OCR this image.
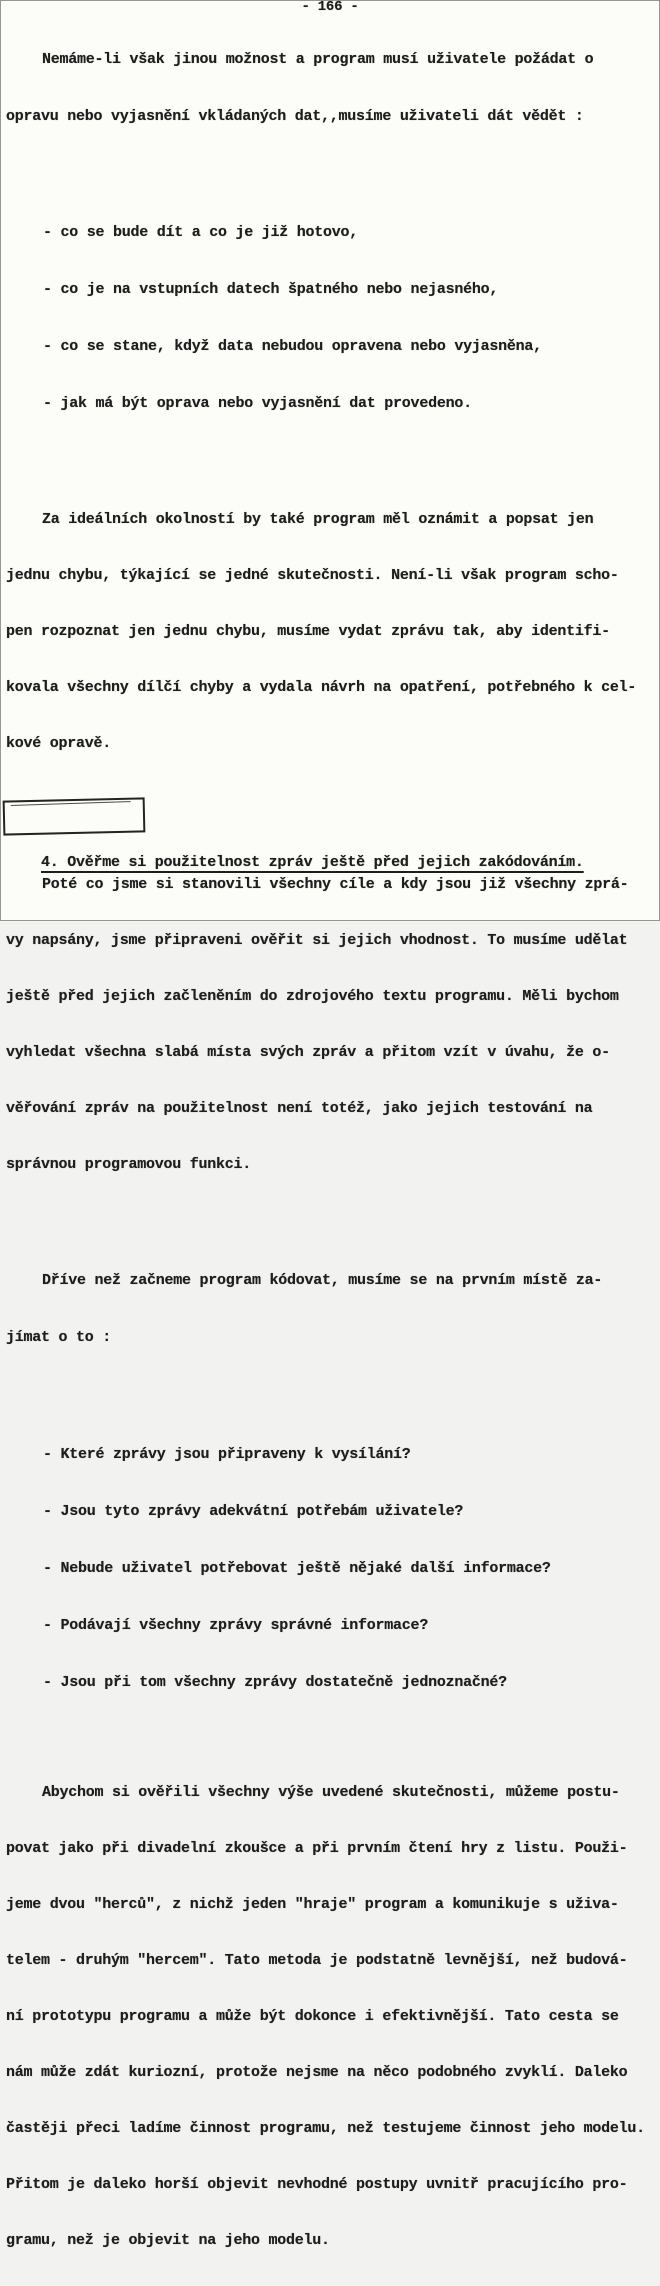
- 166 -

Nemáme-li však jinou možnost a program musí uživatele požádat o

opravu nebo vyjasnění vkládaných dat,,musíme uživateli dát vědět :

- co se bude dít a co je již hotovo,

- co je na vstupních datech špatného nebo nejasného,

- co se stane, když data nebudou opravena nebo vyjasněna,

- jak má být oprava nebo vyjasnění dat provedeno.

Za ideálních okolností by také program měl oznámit a popsat jen

jednu chybu, týkající se jedné skutečnosti. Není-li však program scho-

pen rozpoznat jen jednu chybu, musíme vydat zprávu tak, aby identifi-

kovala všechny dílčí chyby a vydala návrh na opatření, potřebného k cel-

kové opravě.

4. Ověřme si použitelnost zpráv ještě před jejich zakódováním.

Poté co jsme si stanovili všechny cíle a kdy jsou již všechny zprá-

vy napsány, jsme připraveni ověřit si jejich vhodnost. To musíme udělat

ještě před jejich začleněním do zdrojového textu programu. Měli bychom

vyhledat všechna slabá místa svých zpráv a přitom vzít v úvahu, že o-

věřování zpráv na použitelnost není totéž, jako jejich testování na

správnou programovou funkci.

Dříve než začneme program kódovat, musíme se na prvním místě za-

jímat o to :

- Které zprávy jsou připraveny k vysílání?

- Jsou tyto zprávy adekvátní potřebám uživatele?

- Nebude uživatel potřebovat ještě nějaké další informace?

- Podávají všechny zprávy správné informace?

- Jsou při tom všechny zprávy dostatečně jednoznačné?

Abychom si ověřili všechny výše uvedené skutečnosti, můžeme postu-

povat jako při divadelní zkoušce a při prvním čtení hry z listu. Použi-

jeme dvou "herců", z nichž jeden "hraje" program a komunikuje s uživa-

telem - druhým "hercem". Tato metoda je podstatně levnější, než budová-

ní prototypu programu a může být dokonce i efektivnější. Tato cesta se

nám může zdát kuriozní, protože nejsme na něco podobného zvyklí. Daleko

častěji přeci ladíme činnost programu, než testujeme činnost jeho modelu.

Přitom je daleko horší objevit nevhodné postupy uvnitř pracujícího pro-

gramu, než je objevit na jeho modelu.
